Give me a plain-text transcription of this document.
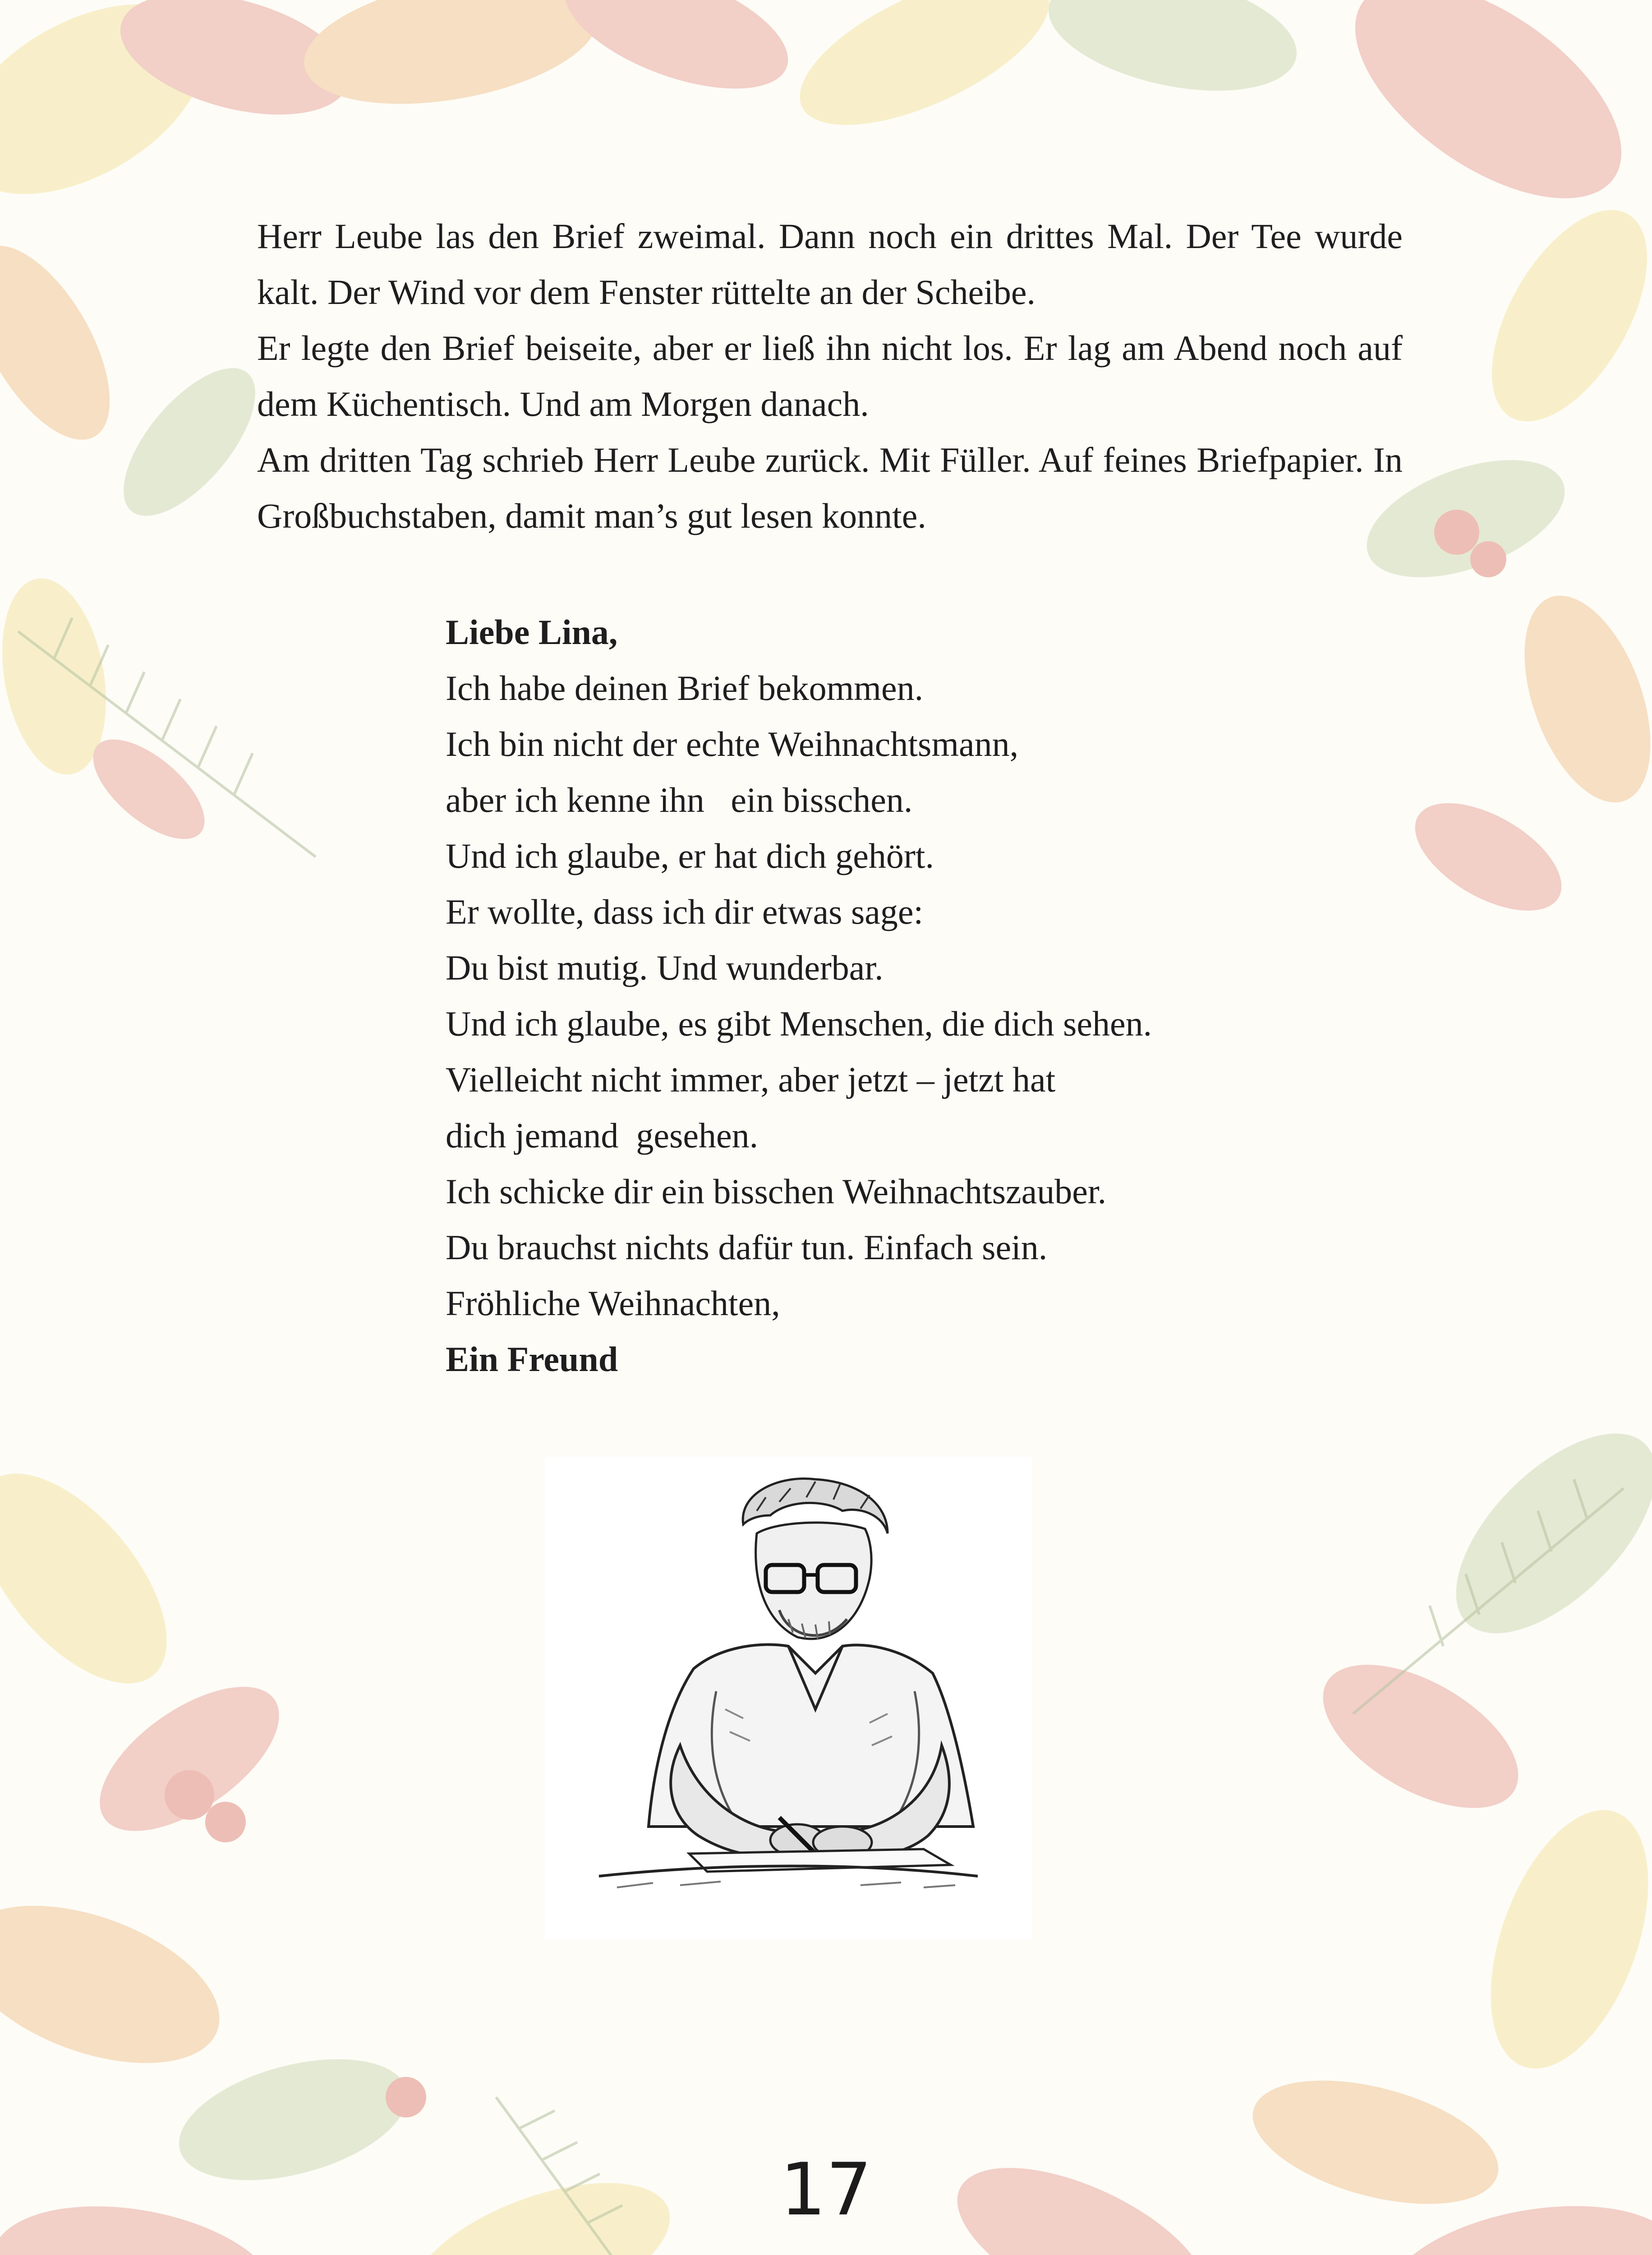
Herr Leube las den Brief zweimal. Dann noch ein drittes Mal. Der Tee wurde kalt. Der Wind vor dem Fenster rüttelte an der Scheibe.

Er legte den Brief beiseite, aber er ließ ihn nicht los. Er lag am Abend noch auf dem Küchentisch. Und am Morgen danach.

Am dritten Tag schrieb Herr Leube zurück. Mit Füller. Auf feines Briefpapier. In Großbuchstaben, damit man’s gut lesen konnte.

Liebe Lina,
Ich habe deinen Brief bekommen.
Ich bin nicht der echte Weihnachtsmann,
aber ich kenne ihn   ein bisschen.
Und ich glaube, er hat dich gehört.
Er wollte, dass ich dir etwas sage:
Du bist mutig. Und wunderbar.
Und ich glaube, es gibt Menschen, die dich sehen.
Vielleicht nicht immer, aber jetzt – jetzt hat
dich jemand  gesehen.
Ich schicke dir ein bisschen Weihnachtszauber.
Du brauchst nichts dafür tun. Einfach sein.
Fröhliche Weihnachten,
Ein Freund
17
